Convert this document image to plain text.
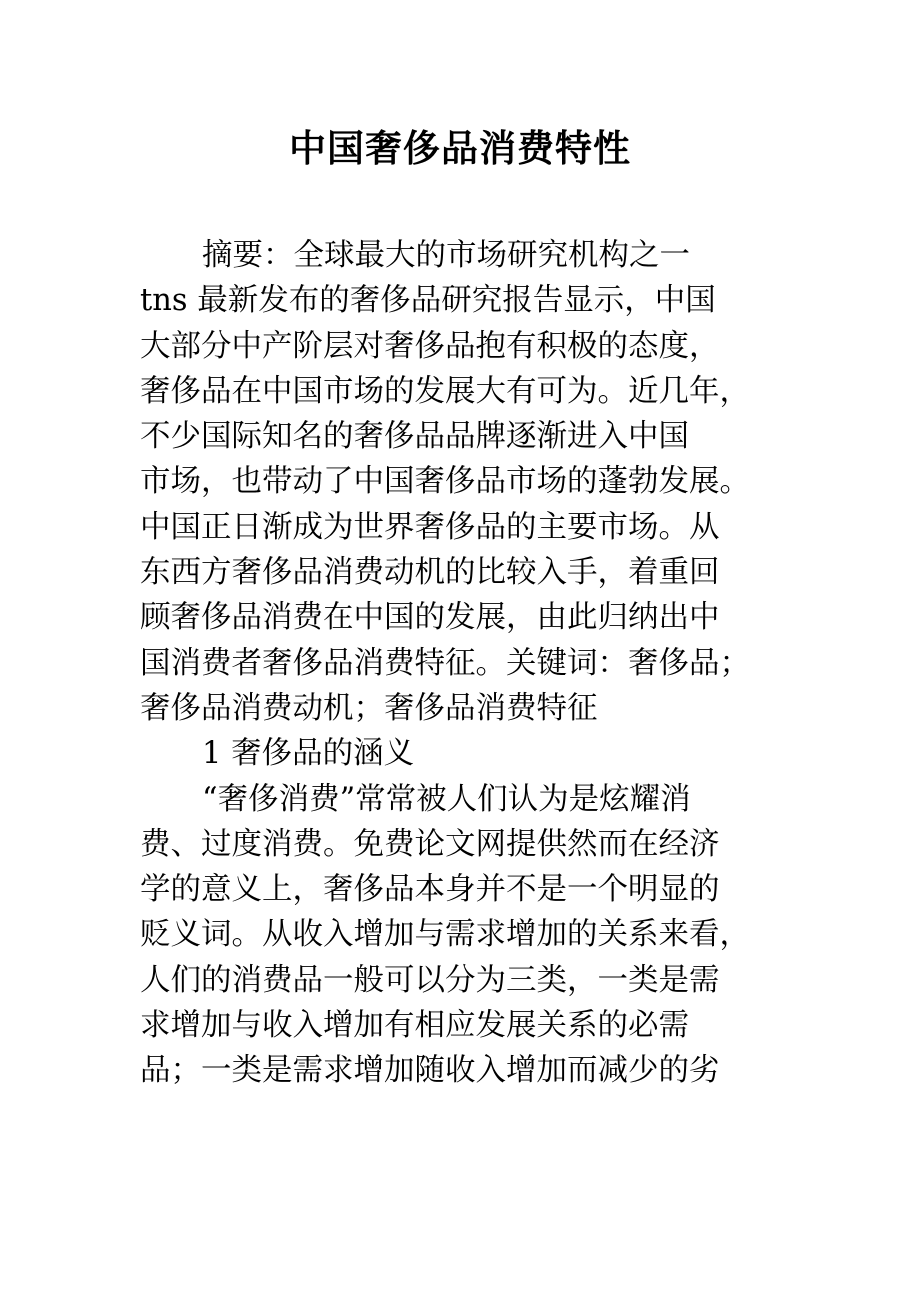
中国奢侈品消费特性
摘要：全球最大的市场研究机构之一
tns 最新发布的奢侈品研究报告显示，中国
大部分中产阶层对奢侈品抱有积极的态度，
奢侈品在中国市场的发展大有可为。近几年，
不少国际知名的奢侈品品牌逐渐进入中国
市场，也带动了中国奢侈品市场的蓬勃发展。
中国正日渐成为世界奢侈品的主要市场。从
东西方奢侈品消费动机的比较入手，着重回
顾奢侈品消费在中国的发展，由此归纳出中
国消费者奢侈品消费特征。关键词：奢侈品；
奢侈品消费动机；奢侈品消费特征
1 奢侈品的涵义
“奢侈消费”常常被人们认为是炫耀消
费、过度消费。免费论文网提供然而在经济
学的意义上，奢侈品本身并不是一个明显的
贬义词。从收入增加与需求增加的关系来看，
人们的消费品一般可以分为三类，一类是需
求增加与收入增加有相应发展关系的必需
品；一类是需求增加随收入增加而减少的劣
